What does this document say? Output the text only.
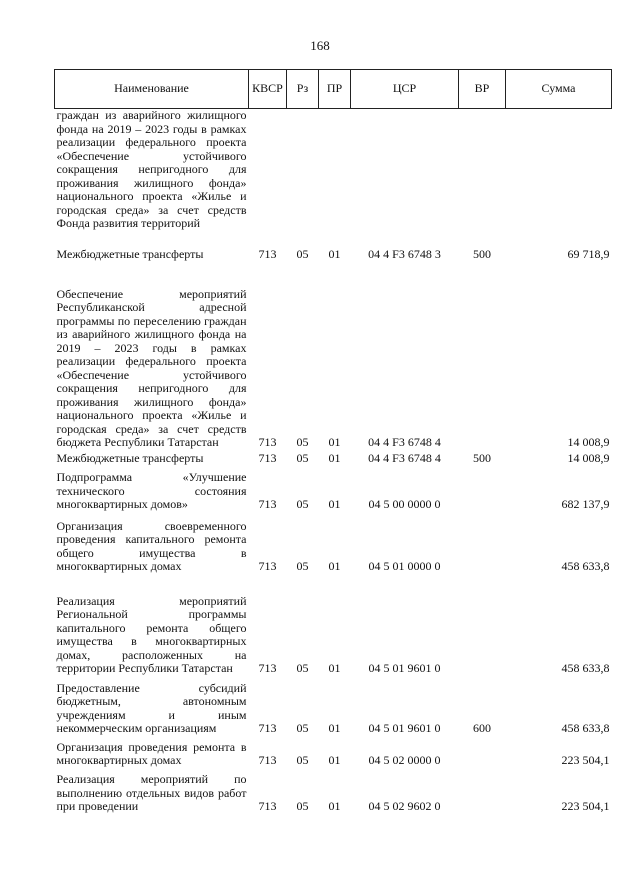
168
Наименование	КВСР	Рз	ПР	ЦСР	ВР	Сумма
граждан из аварийного жилищного фонда на 2019 – 2023 годы в рамках реализации федерального проекта «Обеспечение устойчивого сокращения непригодного для проживания жилищного фонда» национального проекта «Жилье и городская среда» за счет средств Фонда развития территорий						
Межбюджетные трансферты	713	05	01	04 4 F3 6748 3	500	69 718,9
Обеспечение мероприятий Республиканской адресной программы по переселению граждан из аварийного жилищного фонда на 2019 – 2023 годы в рамках реализации федерального проекта «Обеспечение устойчивого сокращения непригодного для проживания жилищного фонда» национального проекта «Жилье и городская среда» за счет средств бюджета Республики Татарстан	713	05	01	04 4 F3 6748 4		14 008,9
Межбюджетные трансферты	713	05	01	04 4 F3 6748 4	500	14 008,9
Подпрограмма «Улучшение технического состояния многоквартирных домов»	713	05	01	04 5 00 0000 0		682 137,9
Организация своевременного проведения капитального ремонта общего имущества в многоквартирных домах	713	05	01	04 5 01 0000 0		458 633,8
Реализация мероприятий Региональной программы капитального ремонта общего имущества в многоквартирных домах, расположенных на территории Республики Татарстан	713	05	01	04 5 01 9601 0		458 633,8
Предоставление субсидий бюджетным, автономным учреждениям и иным некоммерческим организациям	713	05	01	04 5 01 9601 0	600	458 633,8
Организация проведения ремонта в многоквартирных домах	713	05	01	04 5 02 0000 0		223 504,1
Реализация мероприятий по выполнению отдельных видов работ при проведении	713	05	01	04 5 02 9602 0		223 504,1
